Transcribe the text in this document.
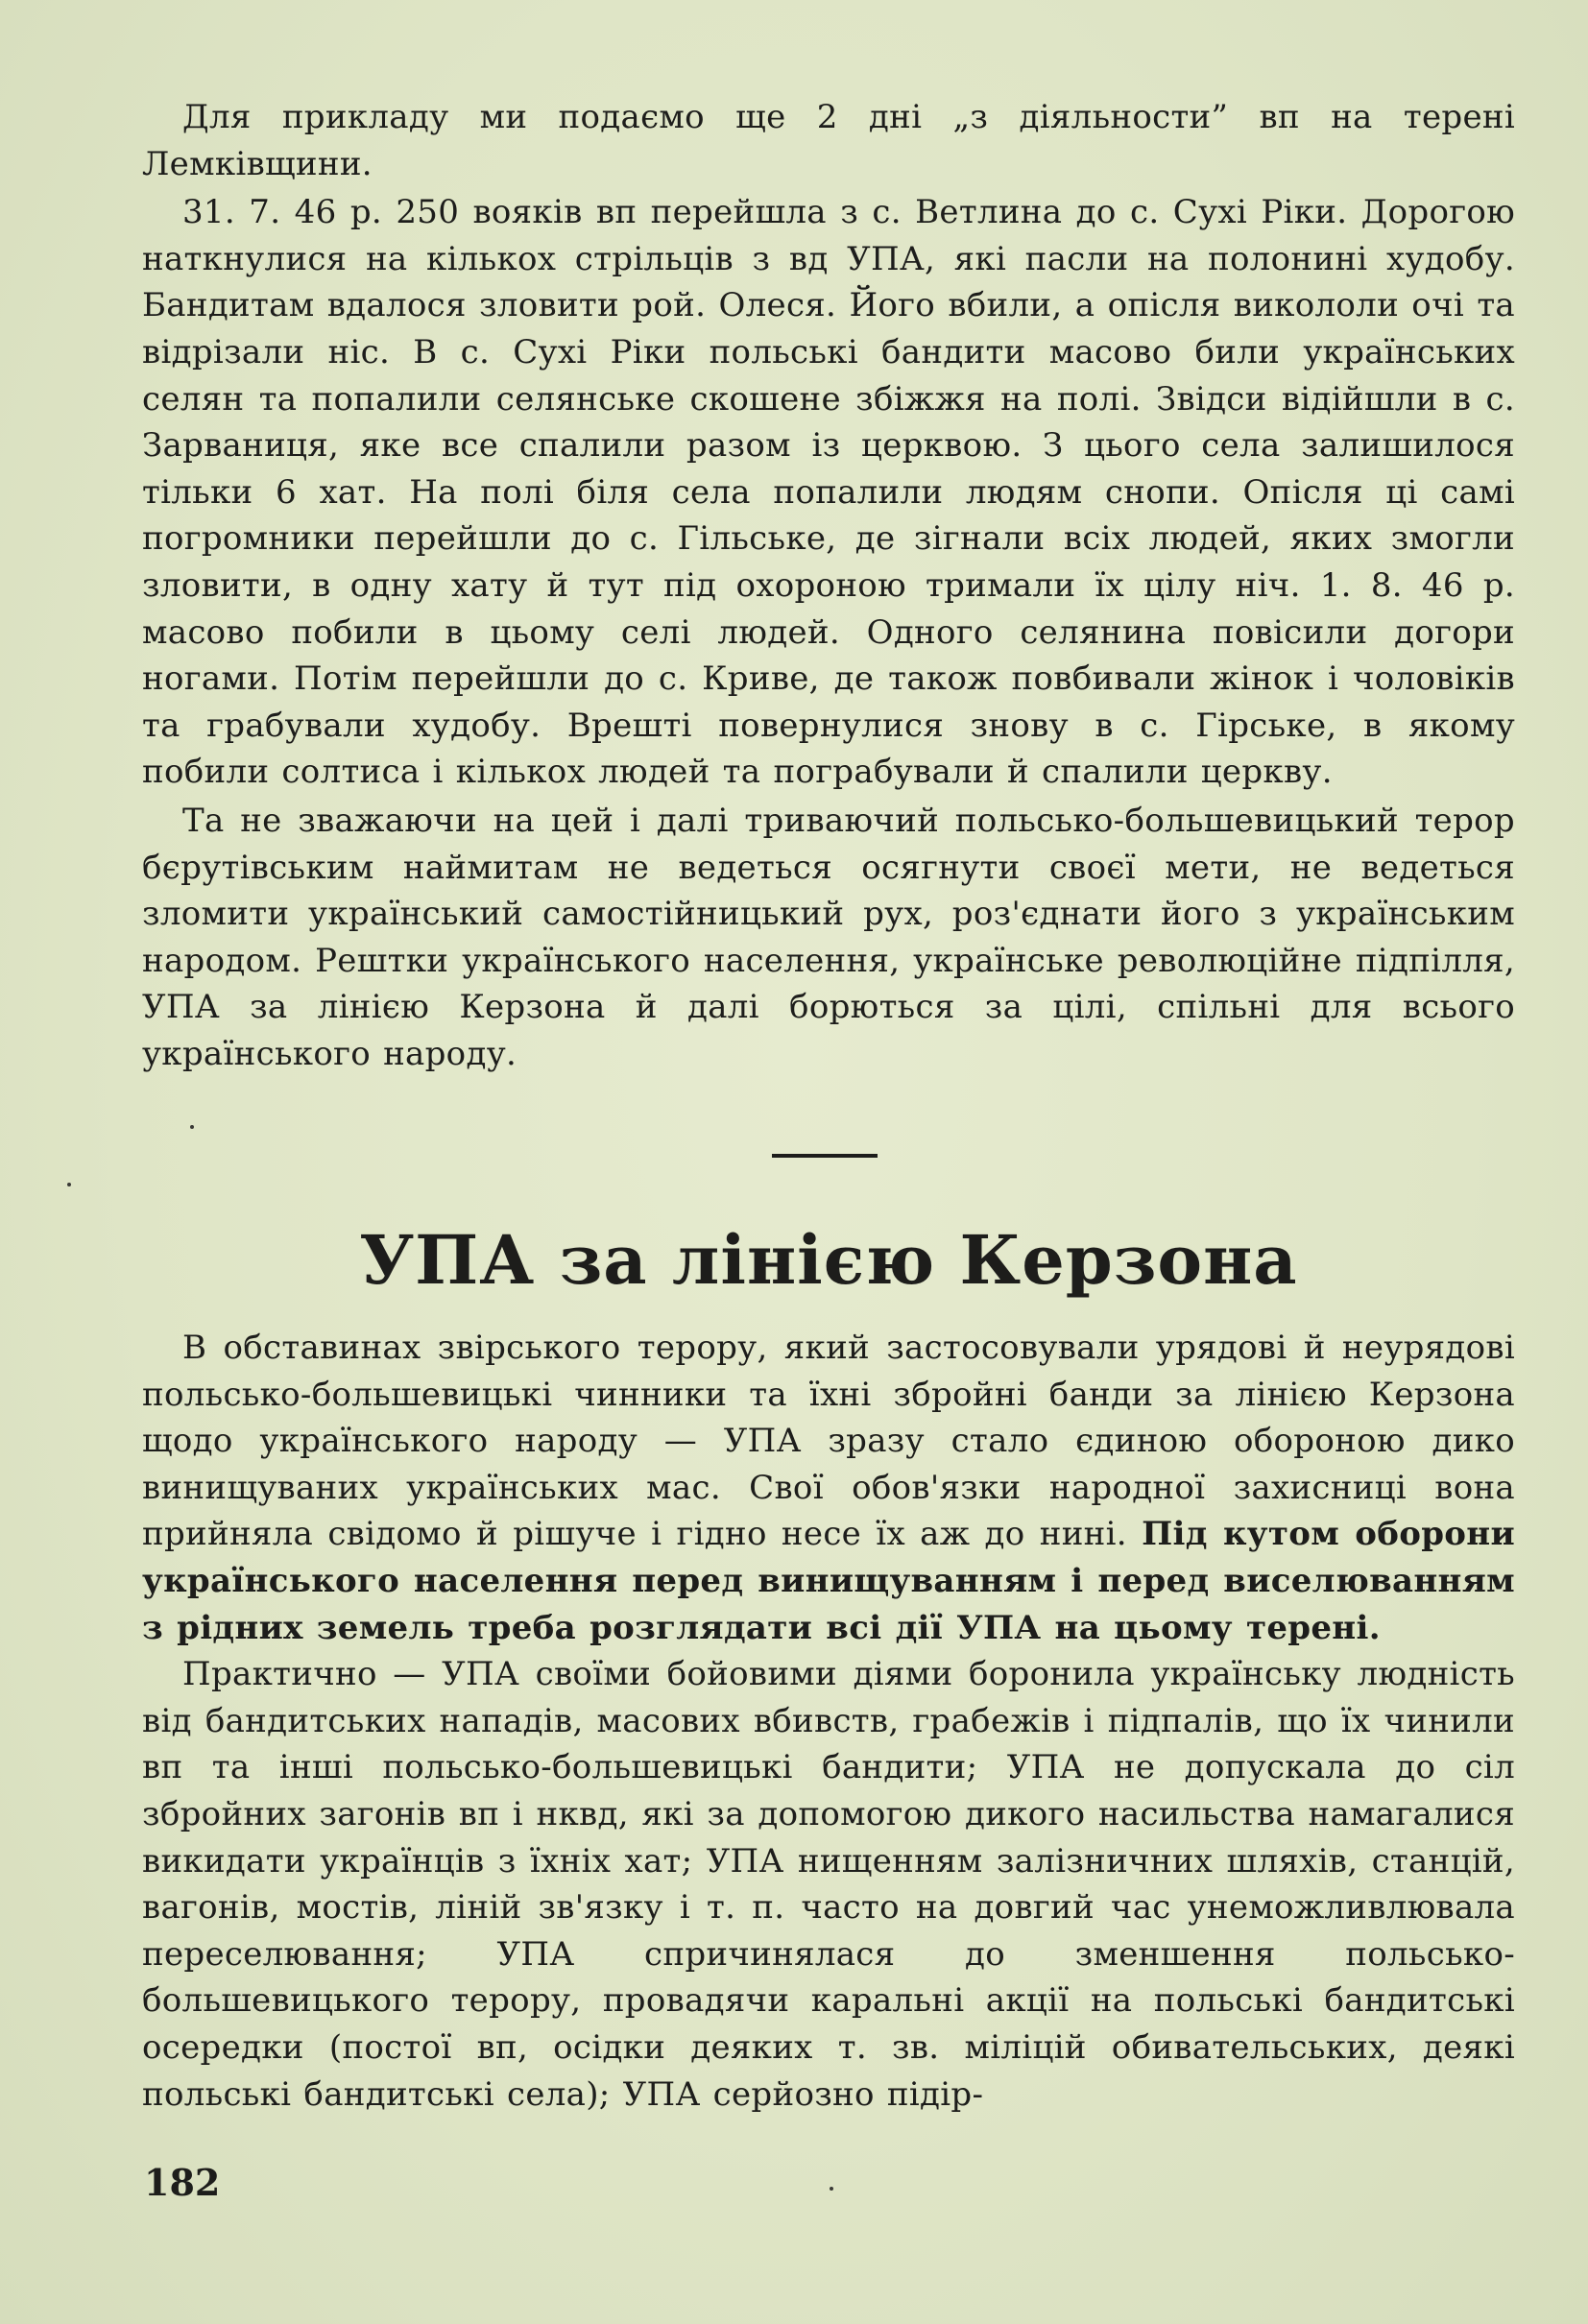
Для прикладу ми подаємо ще 2 дні „з діяльности” вп на терені Лемківщини.

31. 7. 46 р. 250 вояків вп перейшла з с. Ветлина до с. Сухі Ріки. Дорогою наткнулися на кількох стрільців з вд УПА, які пасли на полонині худобу. Бандитам вдалося зловити рой. Олеся. Його вбили, а опісля викололи очі та відрізали ніс. В с. Сухі Ріки польські бандити масово били українських селян та попалили селянське скошене збіжжя на полі. Звідси відійшли в с. Зарваниця, яке все спалили разом із церквою. З цього села залишилося тільки 6 хат. На полі біля села попалили людям снопи. Опісля ці самі погромники перейшли до с. Гільське, де зігнали всіх людей, яких змогли зловити, в одну хату й тут під охороною тримали їх цілу ніч. 1. 8. 46 р. масово побили в цьому селі людей. Одного селянина повісили догори ногами. Потім перейшли до с. Криве, де також повбивали жінок і чоловіків та грабували худобу. Врешті повернулися знову в с. Гірське, в якому побили солтиса і кількох людей та пограбували й спалили церкву.

Та не зважаючи на цей і далі триваючий польсько-большевицький терор бєрутівським наймитам не ведеться осягнути своєї мети, не ведеться зломити український самостійницький рух, роз'єднати його з українським народом. Рештки українського населення, українське революційне підпілля, УПА за лінією Керзона й далі борються за цілі, спільні для всього українського народу.

УПА за лінією Керзона

В обставинах звірського терору, який застосовували урядові й неурядові польсько-большевицькі чинники та їхні збройні банди за лінією Керзона щодо українського народу — УПА зразу стало єдиною обороною дико винищуваних українських мас. Свої обов'язки народної захисниці вона прийняла свідомо й рішуче і гідно несе їх аж до нині. Під кутом оборони українського населення перед винищуванням і перед виселюванням з рідних земель треба розглядати всі дії УПА на цьому терені.

Практично — УПА своїми бойовими діями боронила українську людність від бандитських нападів, масових вбивств, грабежів і підпалів, що їх чинили вп та інші польсько-большевицькі бандити; УПА не допускала до сіл збройних загонів вп і нквд, які за допомогою дикого насильства намагалися викидати українців з їхніх хат; УПА нищенням залізничних шляхів, станцій, вагонів, мостів, ліній зв'язку і т. п. часто на довгий час унеможливлювала переселювання; УПА спричинялася до зменшення польсько-большевицького терору, провадячи каральні акції на польські бандитські осередки (постої вп, осідки деяких т. зв. міліцій обивательських, деякі польські бандитські села); УПА серйозно підір-

182
